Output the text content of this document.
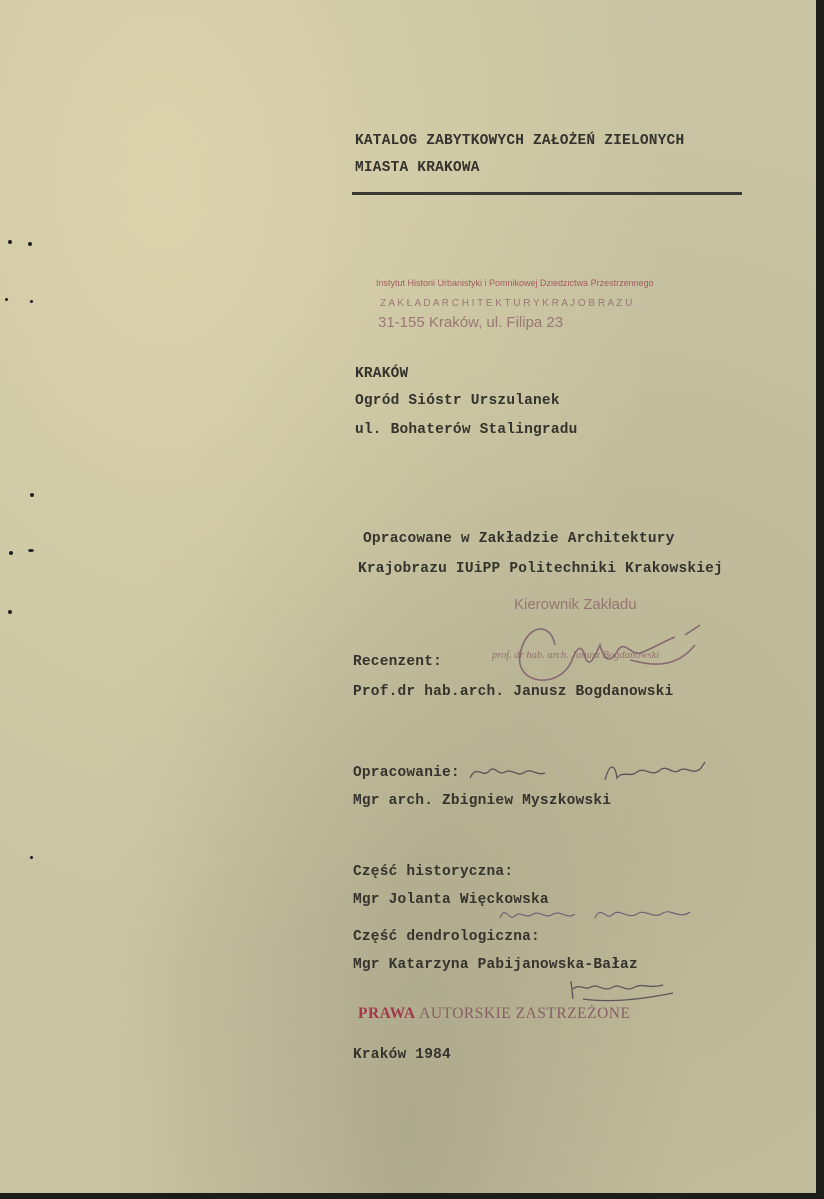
KATALOG ZABYTKOWYCH ZAŁOŻEŃ ZIELONYCH
MIASTA KRAKOWA
Instytut Historii Urbanistyki i Pomnikowej Dziedzictwa Przestrzennego
Z A K Ł A D A R C H I T E K T U R Y K R A J O B R A Z U
31-155 Kraków, ul. Filipa 23
KRAKÓW
Ogród Sióstr Urszulanek
ul. Bohaterów Stalingradu
Opracowane w Zakładzie Architektury
Krajobrazu IUiPP Politechniki Krakowskiej
Kierownik Zakładu
prof. dr hab. arch. Janusz Bogdanowski
Recenzent:
Prof.dr hab.arch. Janusz Bogdanowski
Opracowanie:
Mgr arch. Zbigniew Myszkowski
Część historyczna:
Mgr Jolanta Więckowska
Część dendrologiczna:
Mgr Katarzyna Pabijanowska-Bałaz
PRAWA AUTORSKIE ZASTRZEŻONE
Kraków 1984
